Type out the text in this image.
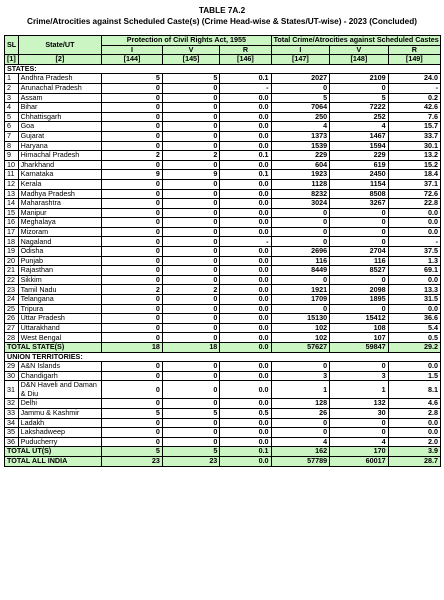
TABLE 7A.2
Crime/Atrocities against Scheduled Caste(s) (Crime Head-wise & States/UT-wise) - 2023 (Concluded)
SL	State/UT	Protection of Civil Rights Act, 1955			Total Crime/Atrocities against Scheduled Castes		
		I	V	R	I	V	R
[1]	[2]	[144]	[145]	[146]	[147]	[148]	[149]
STATES:							
1	Andhra Pradesh	5	5	0.1	2027	2109	24.0
2	Arunachal Pradesh	0	0	-	0	0	-
3	Assam	0	0	0.0	5	5	0.2
4	Bihar	0	0	0.0	7064	7222	42.6
5	Chhattisgarh	0	0	0.0	250	252	7.6
6	Goa	0	0	0.0	4	4	15.7
7	Gujarat	0	0	0.0	1373	1467	33.7
8	Haryana	0	0	0.0	1539	1594	30.1
9	Himachal Pradesh	2	2	0.1	229	229	13.2
10	Jharkhand	0	0	0.0	604	619	15.2
11	Karnataka	9	9	0.1	1923	2450	18.4
12	Kerala	0	0	0.0	1128	1154	37.1
13	Madhya Pradesh	0	0	0.0	8232	8508	72.6
14	Maharashtra	0	0	0.0	3024	3267	22.8
15	Manipur	0	0	0.0	0	0	0.0
16	Meghalaya	0	0	0.0	0	0	0.0
17	Mizoram	0	0	0.0	0	0	0.0
18	Nagaland	0	0	-	0	0	-
19	Odisha	0	0	0.0	2696	2704	37.5
20	Punjab	0	0	0.0	116	116	1.3
21	Rajasthan	0	0	0.0	8449	8527	69.1
22	Sikkim	0	0	0.0	0	0	0.0
23	Tamil Nadu	2	2	0.0	1921	2098	13.3
24	Telangana	0	0	0.0	1709	1895	31.5
25	Tripura	0	0	0.0	0	0	0.0
26	Uttar Pradesh	0	0	0.0	15130	15412	36.6
27	Uttarakhand	0	0	0.0	102	108	5.4
28	West Bengal	0	0	0.0	102	107	0.5
TOTAL STATE(S)		18	18	0.0	57627	59847	29.2
UNION TERRITORIES:							
29	A&N Islands	0	0	0.0	0	0	0.0
30	Chandigarh	0	0	0.0	3	3	1.5
31	D&N Haveli and Daman & Diu	0	0	0.0	1	1	8.1
32	Delhi	0	0	0.0	128	132	4.6
33	Jammu & Kashmir	5	5	0.5	26	30	2.8
34	Ladakh	0	0	0.0	0	0	0.0
35	Lakshadweep	0	0	0.0	0	0	0.0
36	Puducherry	0	0	0.0	4	4	2.0
TOTAL UT(S)		5	5	0.1	162	170	3.9
TOTAL ALL INDIA		23	23	0.0	57789	60017	28.7
